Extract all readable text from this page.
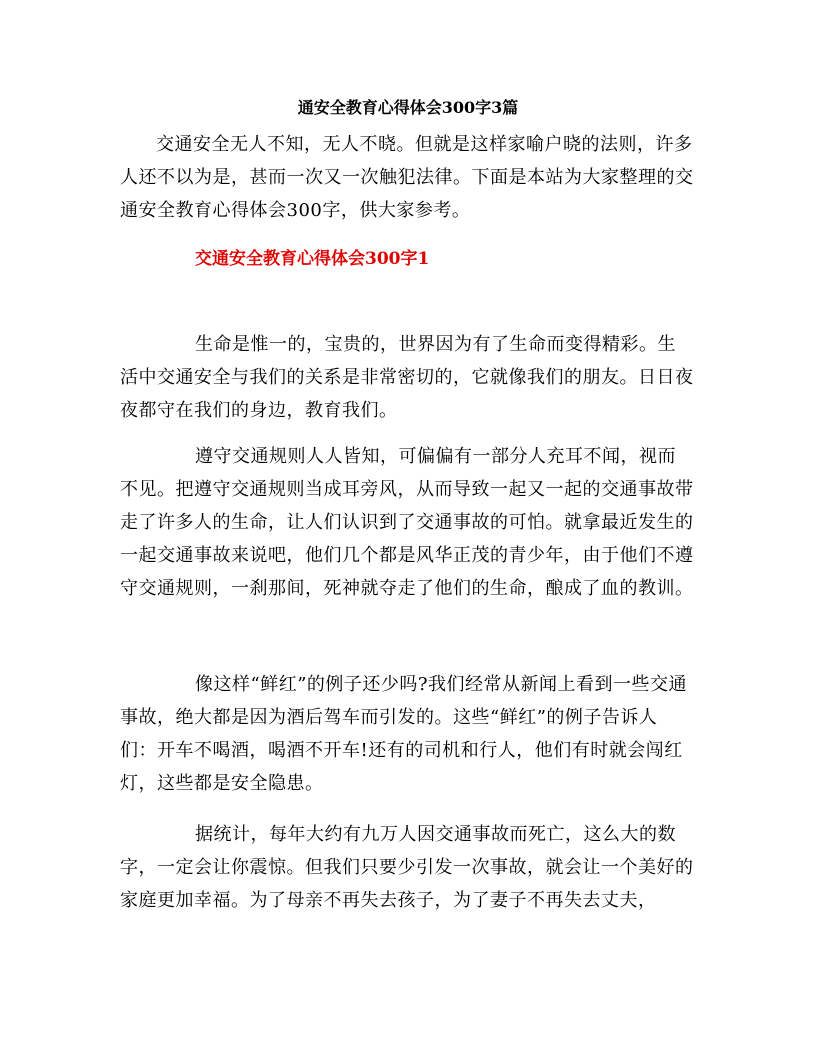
通安全教育心得体会300字3篇

交通安全无人不知，无人不晓。但就是这样家喻户晓的法则，许多人还不以为是，甚而一次又一次触犯法律。下面是本站为大家整理的交通安全教育心得体会300字，供大家参考。

交通安全教育心得体会300字1

生命是惟一的，宝贵的，世界因为有了生命而变得精彩。生活中交通安全与我们的关系是非常密切的，它就像我们的朋友。日日夜夜都守在我们的身边，教育我们。

遵守交通规则人人皆知，可偏偏有一部分人充耳不闻，视而不见。把遵守交通规则当成耳旁风，从而导致一起又一起的交通事故带走了许多人的生命，让人们认识到了交通事故的可怕。就拿最近发生的一起交通事故来说吧，他们几个都是风华正茂的青少年，由于他们不遵守交通规则，一刹那间，死神就夺走了他们的生命，酿成了血的教训。

像这样“鲜红”的例子还少吗?我们经常从新闻上看到一些交通事故，绝大都是因为酒后驾车而引发的。这些“鲜红”的例子告诉人们：开车不喝酒，喝酒不开车!还有的司机和行人，他们有时就会闯红灯，这些都是安全隐患。

据统计，每年大约有九万人因交通事故而死亡，这么大的数字，一定会让你震惊。但我们只要少引发一次事故，就会让一个美好的家庭更加幸福。为了母亲不再失去孩子，为了妻子不再失去丈夫，
